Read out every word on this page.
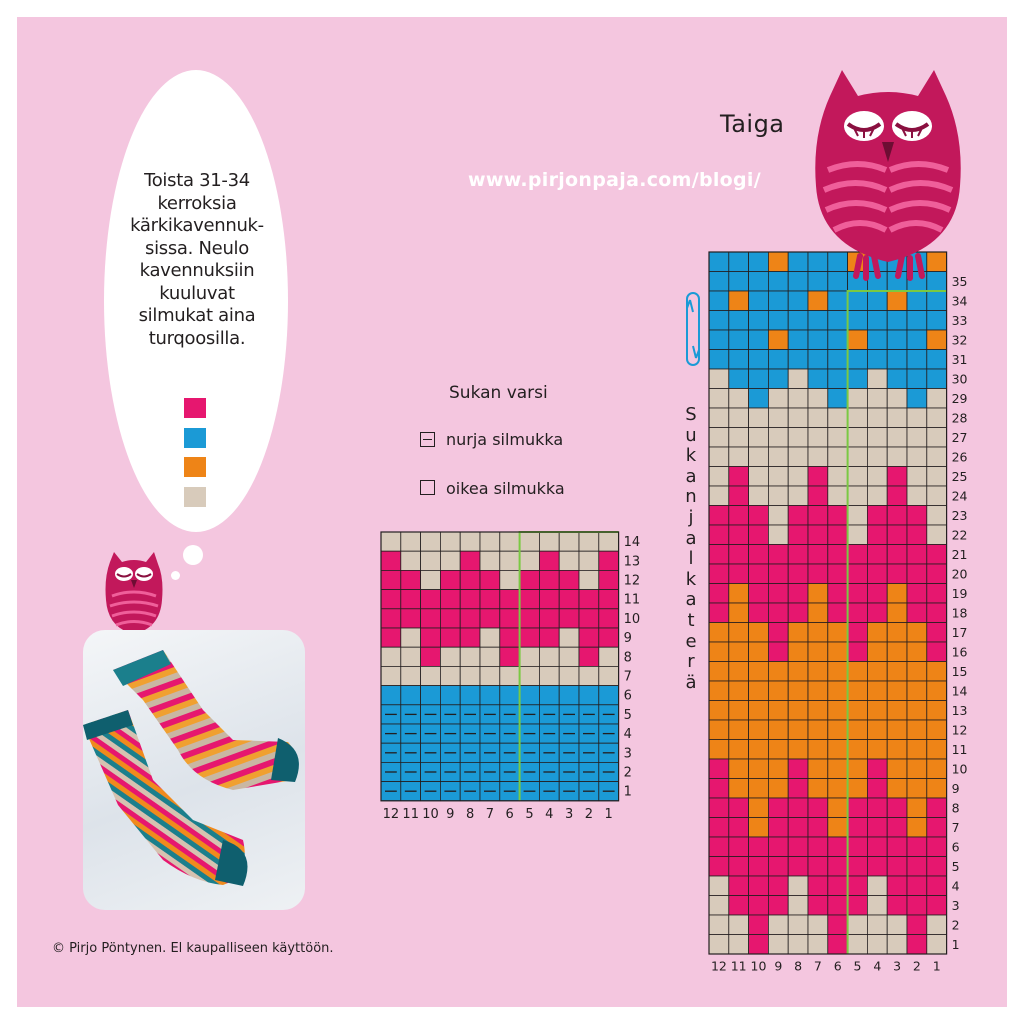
Toista 31-34
kerroksia
kärkikavennuk-
sissa. Neulo
kavennuksiin
kuuluvat
silmukat aina
turqoosilla.
Taiga
www.pirjonpaja.com/blogi/
Sukan varsi
nurja silmukka
oikea silmukka
S
u
k
a
n
j
a
l
k
a
t
e
r
ä
14
13
12
11
10
9
8
7
6
5
4
3
2
1
12 11 10 9 8 7 6 5 4 3 2 1
35
34
33
32
31
30
29
28
27
26
25
24
23
22
21
20
19
18
17
16
15
14
13
12
11
10
9
8
7
6
5
4
3
2
1
12 11 10 9 8 7 6 5 4 3 2 1
© Pirjo Pöntynen. El kaupalliseen käyttöön.
